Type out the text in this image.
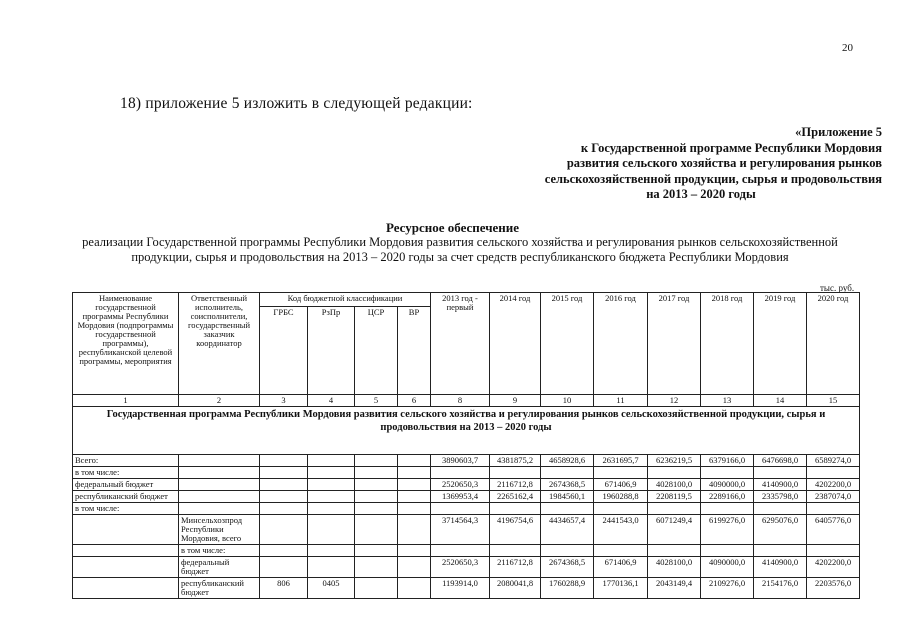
20
18) приложение 5 изложить в следующей редакции:
«Приложение 5
к Государственной программе Республики Мордовия
развития сельского хозяйства и регулирования рынков
сельскохозяйственной продукции, сырья и продовольствия
на 2013 – 2020 годы
Ресурсное обеспечение
реализации Государственной программы Республики Мордовия развития сельского хозяйства и регулирования рынков сельскохозяйственной продукции, сырья и продовольствия на 2013 – 2020 годы за счет средств республиканского бюджета Республики Мордовия
тыс. руб.
Наименование государственной программы Республики Мордовия (подпрограммы государственной программы), республиканской целевой программы, мероприятия	Ответственный исполнитель, соисполнители, государственный заказчик координатор	Код бюджетной классификации				2013 год - первый	2014 год	2015 год	2016 год	2017 год	2018 год	2019 год	2020 год
		ГРБС	РзПр	ЦСР	ВР								
1	2	3	4	5	6	8	9	10	11	12	13	14	15
Государственная программа Республики Мордовия развития сельского хозяйства и регулирования рынков сельскохозяйственной продукции, сырья и продовольствия на 2013 – 2020 годы													
Всего:						3890603,7	4381875,2	4658928,6	2631695,7	6236219,5	6379166,0	6476698,0	6589274,0
в том числе:													
федеральный бюджет						2520650,3	2116712,8	2674368,5	671406,9	4028100,0	4090000,0	4140900,0	4202200,0
республиканский бюджет						1369953,4	2265162,4	1984560,1	1960288,8	2208119,5	2289166,0	2335798,0	2387074,0
в том числе:													
	Минсельхозпрод Республики Мордовия, всего					3714564,3	4196754,6	4434657,4	2441543,0	6071249,4	6199276,0	6295076,0	6405776,0
	в том числе:												
	федеральный бюджет					2520650,3	2116712,8	2674368,5	671406,9	4028100,0	4090000,0	4140900,0	4202200,0
	республиканский бюджет	806	0405			1193914,0	2080041,8	1760288,9	1770136,1	2043149,4	2109276,0	2154176,0	2203576,0
